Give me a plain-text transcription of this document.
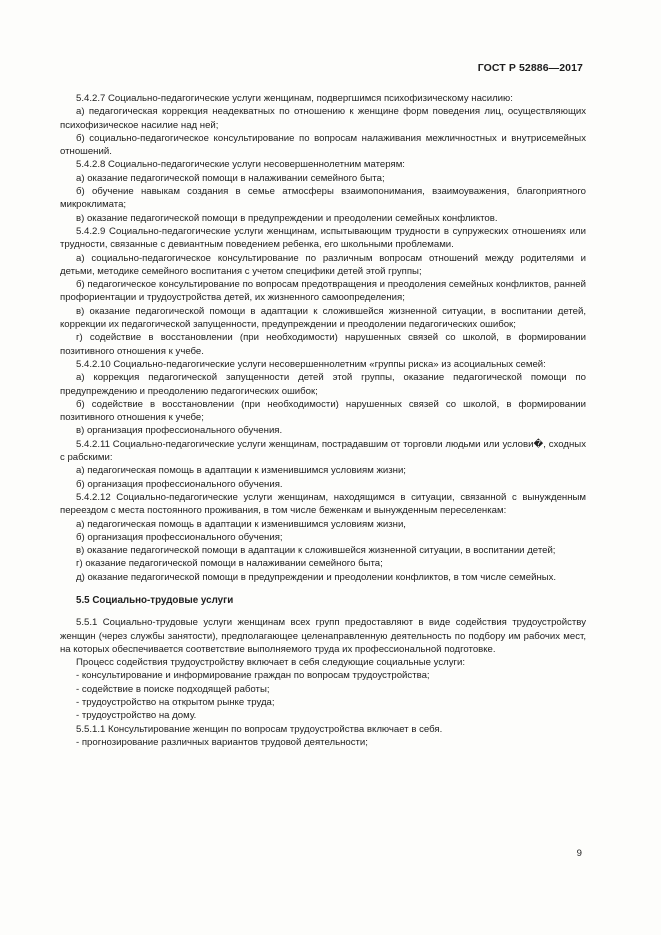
ГОСТ Р 52886—2017

5.4.2.7 Социально-педагогические услуги женщинам, подвергшимся психофизическому насилию:

а) педагогическая коррекция неадекватных по отношению к женщине форм поведения лиц, осуществляющих психофизическое насилие над ней;

б) социально-педагогическое консультирование по вопросам налаживания межличностных и внутрисемейных отношений.

5.4.2.8 Социально-педагогические услуги несовершеннолетним матерям:

а) оказание педагогической помощи в налаживании семейного быта;

б) обучение навыкам создания в семье атмосферы взаимопонимания, взаимоуважения, благоприятного микроклимата;

в) оказание педагогической помощи в предупреждении и преодолении семейных конфликтов.

5.4.2.9 Социально-педагогические услуги женщинам, испытывающим трудности в супружеских отношениях или трудности, связанные с девиантным поведением ребенка, его школьными проблемами.

а) социально-педагогическое консультирование по различным вопросам отношений между родителями и детьми, методике семейного воспитания с учетом специфики детей этой группы;

б) педагогическое консультирование по вопросам предотвращения и преодоления семейных конфликтов, ранней профориентации и трудоустройства детей, их жизненного самоопределения;

в) оказание педагогической помощи в адаптации к сложившейся жизненной ситуации, в воспитании детей, коррекции их педагогической запущенности, предупреждении и преодолении педагогических ошибок;

г) содействие в восстановлении (при необходимости) нарушенных связей со школой, в формировании позитивного отношения к учебе.

5.4.2.10 Социально-педагогические услуги несовершеннолетним «группы риска» из асоциальных семей:

а) коррекция педагогической запущенности детей этой группы, оказание педагогической помощи по предупреждению и преодолению педагогических ошибок;

б) содействие в восстановлении (при необходимости) нарушенных связей со школой, в формировании позитивного отношения к учебе;

в) организация профессионального обучения.

5.4.2.11 Социально-педагогические услуги женщинам, пострадавшим от торговли людьми или услови�, сходных с рабскими:

а) педагогическая помощь в адаптации к изменившимся условиям жизни;

б) организация профессионального обучения.

5.4.2.12 Социально-педагогические услуги женщинам, находящимся в ситуации, связанной с вынужденным переездом с места постоянного проживания, в том числе беженкам и вынужденным переселенкам:

а) педагогическая помощь в адаптации к изменившимся условиям жизни,

б) организация профессионального обучения;

в) оказание педагогической помощи в адаптации к сложившейся жизненной ситуации, в воспитании детей;

г) оказание педагогической помощи в налаживании семейного быта;

д) оказание педагогической помощи в предупреждении и преодолении конфликтов, в том числе семейных.

5.5 Социально-трудовые услуги

5.5.1 Социально-трудовые услуги женщинам всех групп предоставляют в виде содействия трудоустройству женщин (через службы занятости), предполагающее целенаправленную деятельность по подбору им рабочих мест, на которых обеспечивается соответствие выполняемого труда их профессиональной подготовке.

Процесс содействия трудоустройству включает в себя следующие социальные услуги:

- консультирование и информирование граждан по вопросам трудоустройства;

- содействие в поиске подходящей работы;

- трудоустройство на открытом рынке труда;

- трудоустройство на дому.

5.5.1.1 Консультирование женщин по вопросам трудоустройства включает в себя.

- прогнозирование различных вариантов трудовой деятельности;

9
